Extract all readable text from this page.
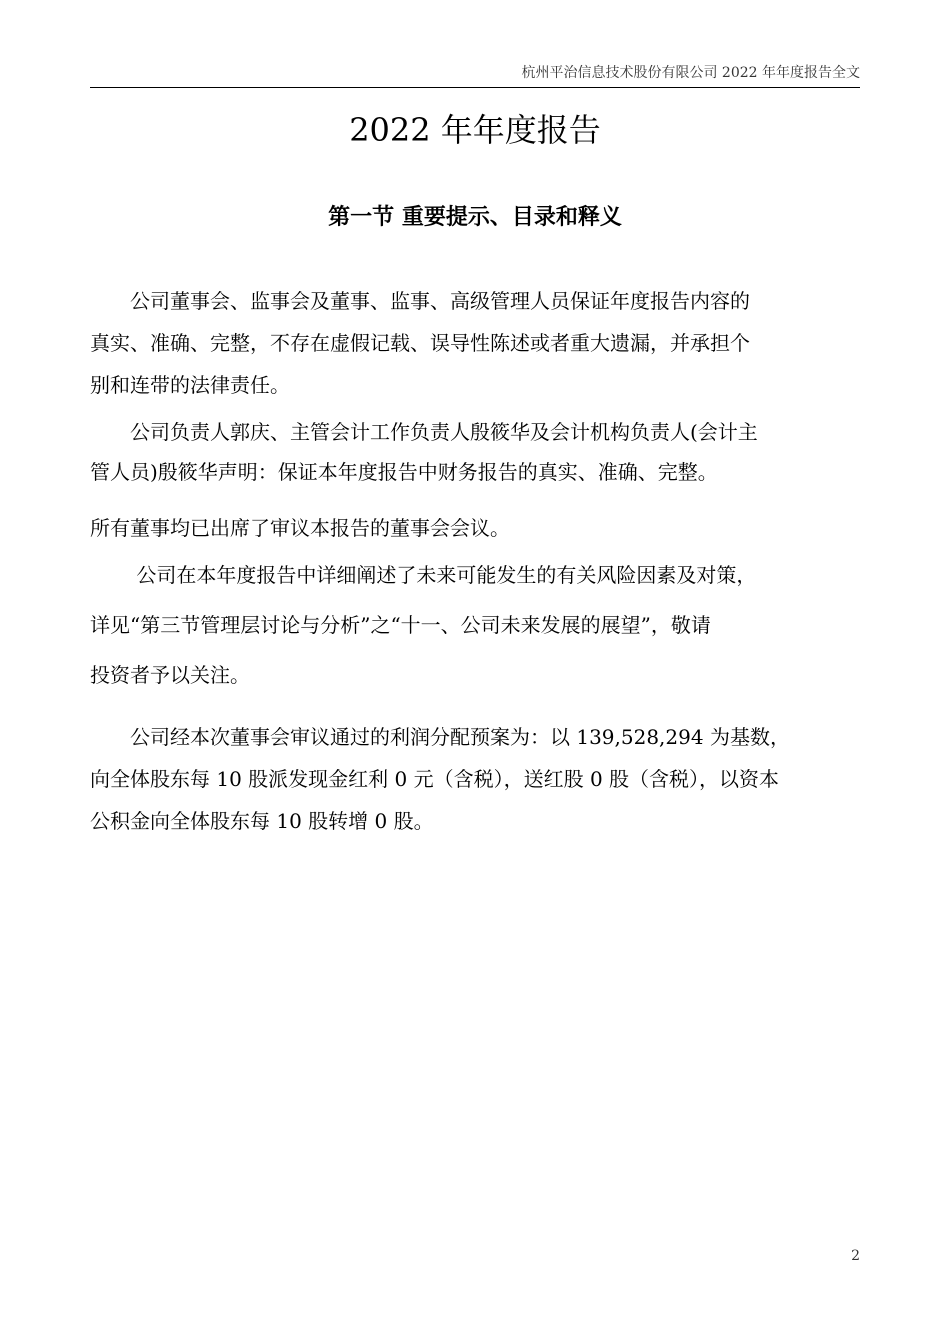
杭州平治信息技术股份有限公司 2022 年年度报告全文
2022 年年度报告
第一节 重要提示、目录和释义
　　公司董事会、监事会及董事、监事、高级管理人员保证年度报告内容的
真实、准确、完整，不存在虚假记载、误导性陈述或者重大遗漏，并承担个
别和连带的法律责任。
　　公司负责人郭庆、主管会计工作负责人殷筱华及会计机构负责人(会计主
管人员)殷筱华声明：保证本年度报告中财务报告的真实、准确、完整。
所有董事均已出席了审议本报告的董事会会议。
　　 公司在本年度报告中详细阐述了未来可能发生的有关风险因素及对策，
详见“第三节管理层讨论与分析”之“十一、公司未来发展的展望”，敬请
投资者予以关注。
　　公司经本次董事会审议通过的利润分配预案为：以 139,528,294 为基数，
向全体股东每 10 股派发现金红利 0 元（含税），送红股 0 股（含税），以资本
公积金向全体股东每 10 股转增 0 股。
2
